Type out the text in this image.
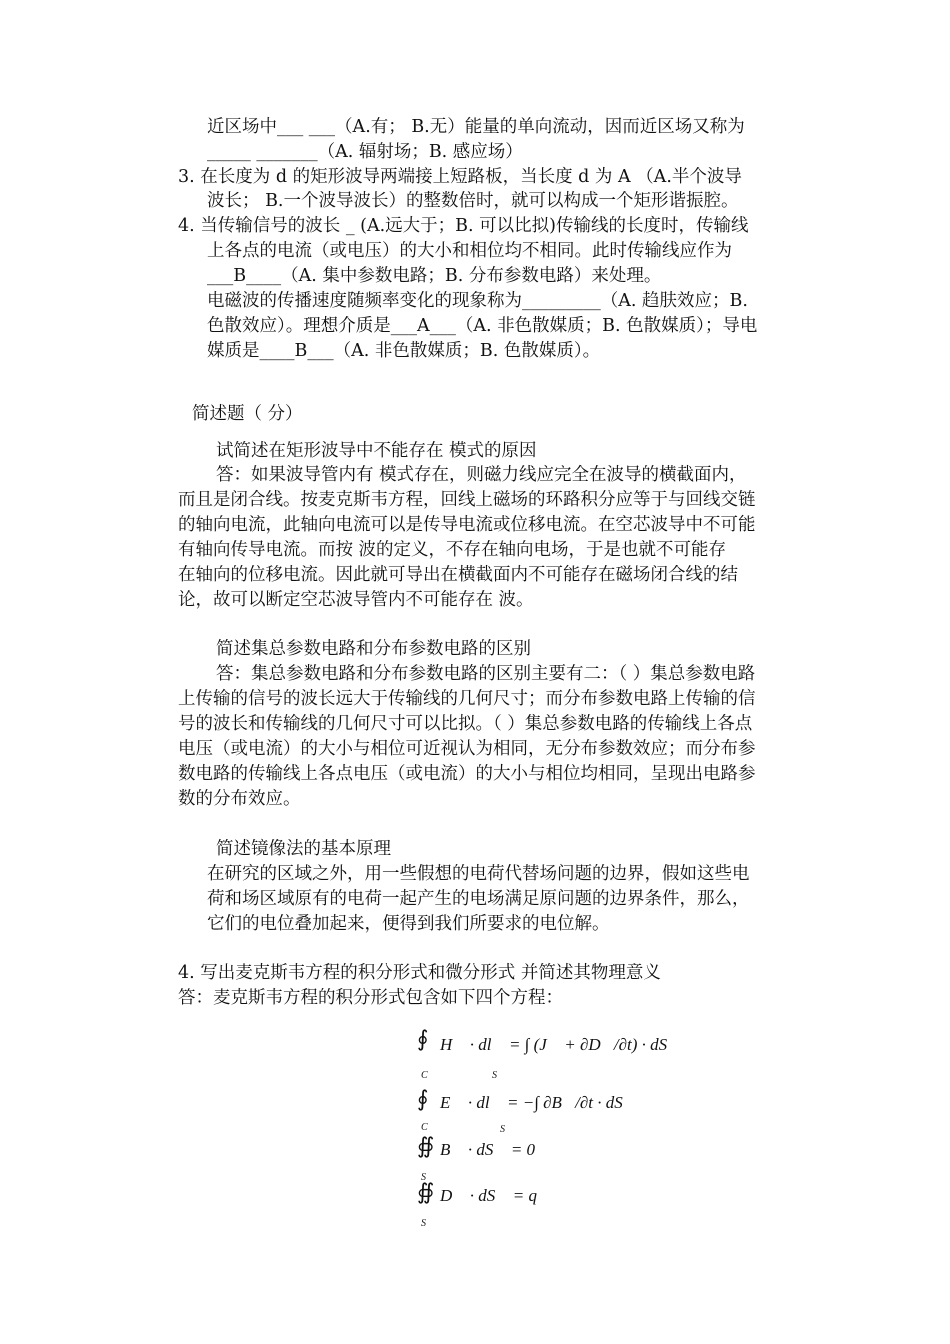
近区场中___ ___（A.有； B.无）能量的单向流动，因而近区场又称为
_____ _______（A. 辐射场；B. 感应场）
3. 在长度为 d 的矩形波导两端接上短路板，当长度 d 为 A （A.半个波导
波长； B.一个波导波长）的整数倍时，就可以构成一个矩形谐振腔。
4. 当传输信号的波长 _ (A.远大于；B. 可以比拟)传输线的长度时，传输线
上各点的电流（或电压）的大小和相位均不相同。此时传输线应作为
___B____（A. 集中参数电路；B. 分布参数电路）来处理。
电磁波的传播速度随频率变化的现象称为_________（A. 趋肤效应；B.
色散效应）。理想介质是___A___（A. 非色散媒质；B. 色散媒质）；导电
媒质是____B___（A. 非色散媒质；B. 色散媒质）。
简述题（ 分）
试简述在矩形波导中不能存在 模式的原因
答：如果波导管内有 模式存在，则磁力线应完全在波导的横截面内，
而且是闭合线。按麦克斯韦方程，回线上磁场的环路积分应等于与回线交链
的轴向电流，此轴向电流可以是传导电流或位移电流。在空芯波导中不可能
有轴向传导电流。而按 波的定义，不存在轴向电场，于是也就不可能存
在轴向的位移电流。因此就可导出在横截面内不可能存在磁场闭合线的结
论，故可以断定空芯波导管内不可能存在 波。
简述集总参数电路和分布参数电路的区别
答：集总参数电路和分布参数电路的区别主要有二：（ ）集总参数电路
上传输的信号的波长远大于传输线的几何尺寸；而分布参数电路上传输的信
号的波长和传输线的几何尺寸可以比拟。（ ）集总参数电路的传输线上各点
电压（或电流）的大小与相位可近视认为相同，无分布参数效应；而分布参
数电路的传输线上各点电压（或电流）的大小与相位均相同，呈现出电路参
数的分布效应。
简述镜像法的基本原理
在研究的区域之外，用一些假想的电荷代替场问题的边界，假如这些电
荷和场区域原有的电荷一起产生的电场满足原问题的边界条件，那么，
它们的电位叠加起来，便得到我们所要求的电位解。
4. 写出麦克斯韦方程的积分形式和微分形式 并简述其物理意义
答：麦克斯韦方程的积分形式包含如下四个方程：
∮ H⃗ · dl⃗ = ∫ (J⃗ + ∂D⃗/∂t) · dS⃗
C	S
∮ E⃗ · dl⃗ = −∫ ∂B⃗/∂t · dS⃗
C	S
∯ B⃗ · dS⃗ = 0
S
∯ D⃗ · dS⃗ = q
S
